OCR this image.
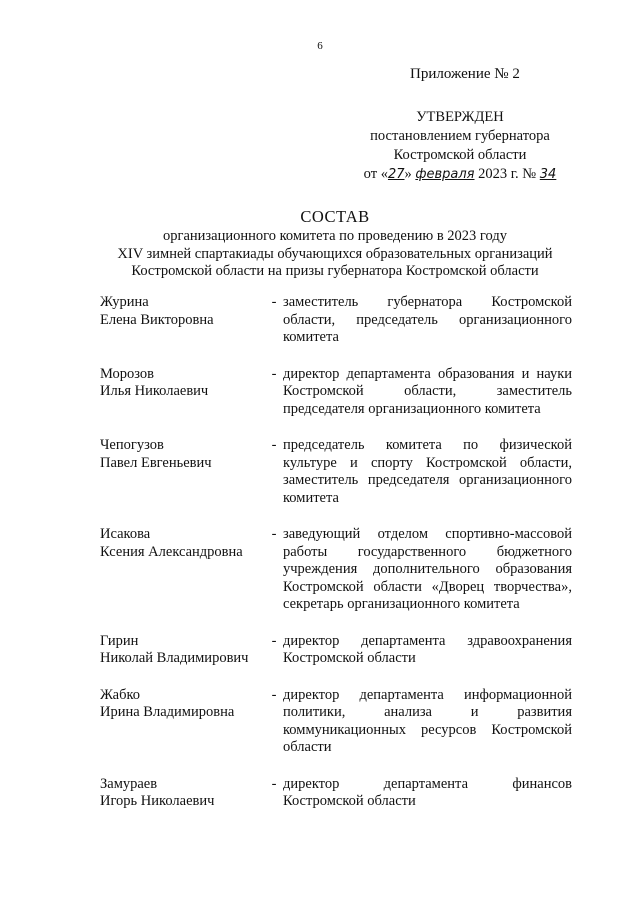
6
Приложение № 2
УТВЕРЖДЕН
постановлением губернатора
Костромской области
от «27» февраля 2023 г. № 34
СОСТАВ
организационного комитета по проведению в 2023 году
XIV зимней спартакиады обучающихся образовательных организаций
Костромской области на призы губернатора Костромской области
Журина
Елена Викторовна
- заместитель губернатора Костромской области, председатель организационного комитета
Морозов
Илья Николаевич
- директор департамента образования и науки Костромской области, заместитель председателя организационного комитета
Чепогузов
Павел Евгеньевич
- председатель комитета по физической культуре и спорту Костромской области, заместитель председателя организационного комитета
Исакова
Ксения Александровна
- заведующий отделом спортивно-массовой работы государственного бюджетного учреждения дополнительного образования Костромской области «Дворец творчества», секретарь организационного комитета
Гирин
Николай Владимирович
- директор департамента здравоохранения Костромской области
Жабко
Ирина Владимировна
- директор департамента информационной политики, анализа и развития коммуникационных ресурсов Костромской области
Замураев
Игорь Николаевич
- директор департамента финансов Костромской области
